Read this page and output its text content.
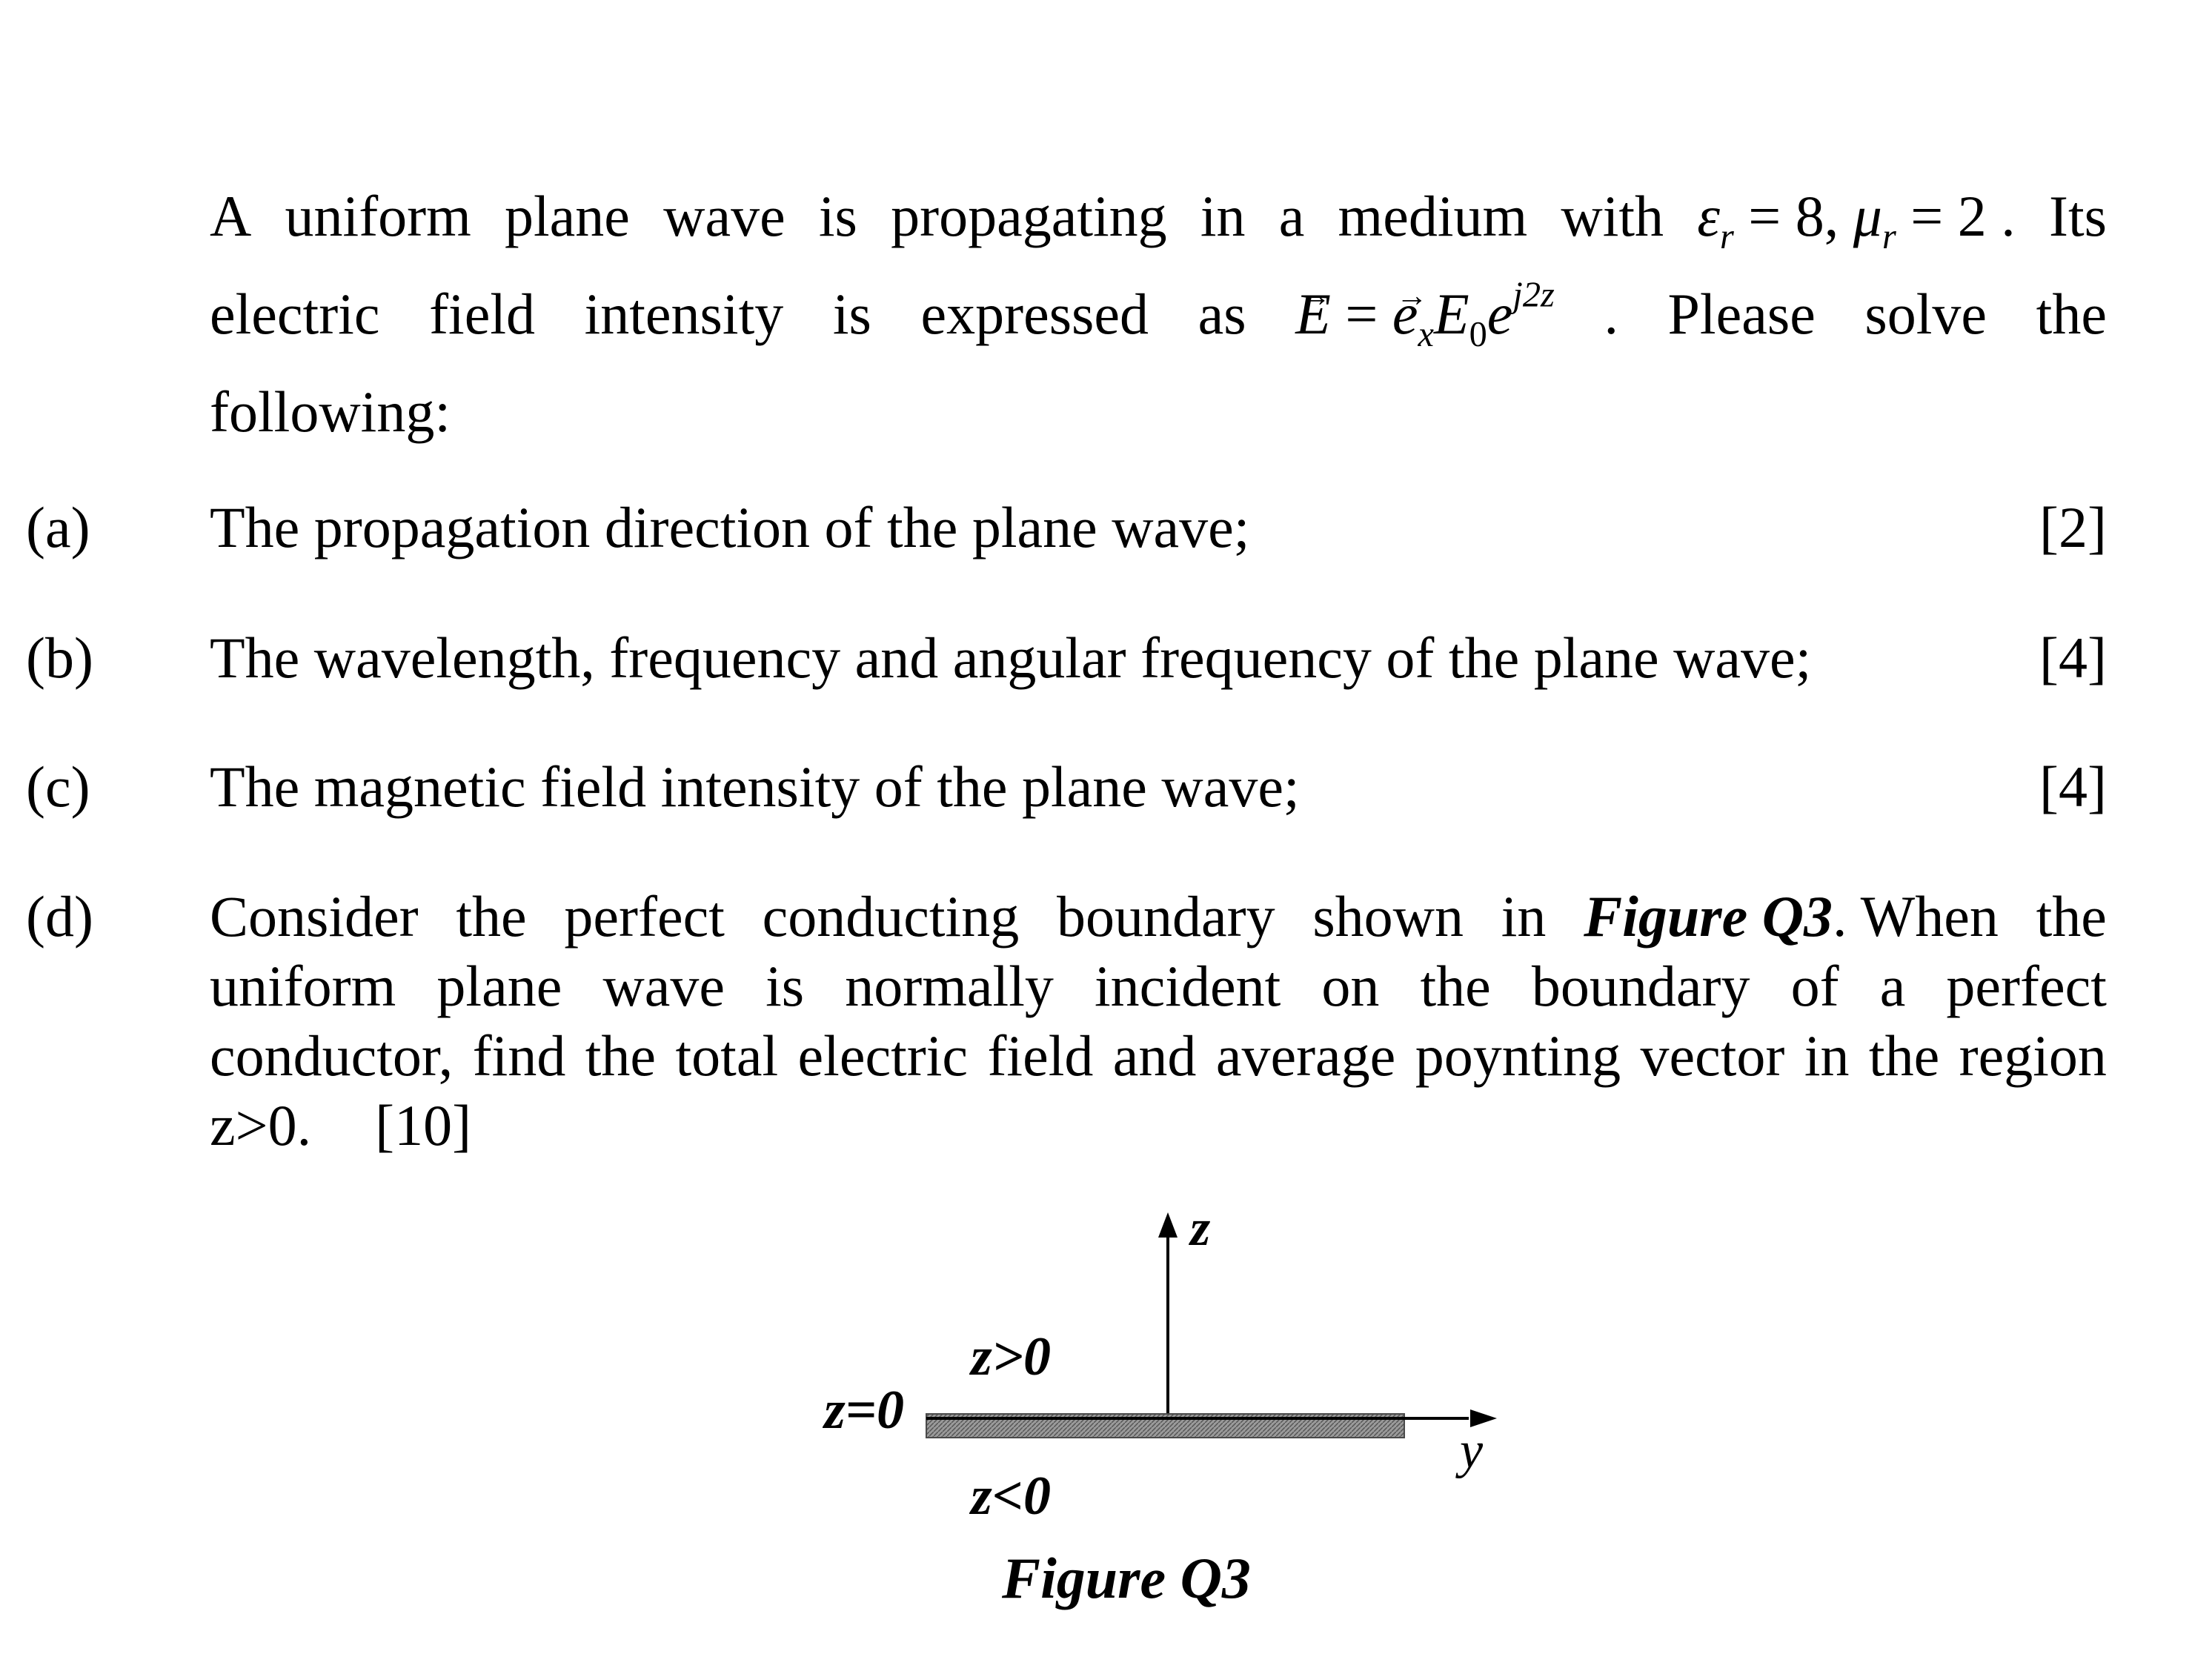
A uniform plane wave is propagating in a medium with $\varepsilon_r = 8$, $\mu_r = 2$ . Its
electric field intensity is expressed as
→ E = → $e_xE_0e^{j2z}$ . Please solve the
following:
(a) The propagation direction of the plane wave;	[2]
(b) The wavelength, frequency and angular frequency of the plane wave;	[4]
(c) The magnetic field intensity of the plane wave;	[4]
(d) Consider the perfect conducting boundary shown in Figure Q3. When the
uniform plane wave is normally incident on the boundary of a perfect
conductor, find the total electric field and average poynting vector in the region
z>0. [10]
z
y
z>0
z<0
z=0
Figure Q3
